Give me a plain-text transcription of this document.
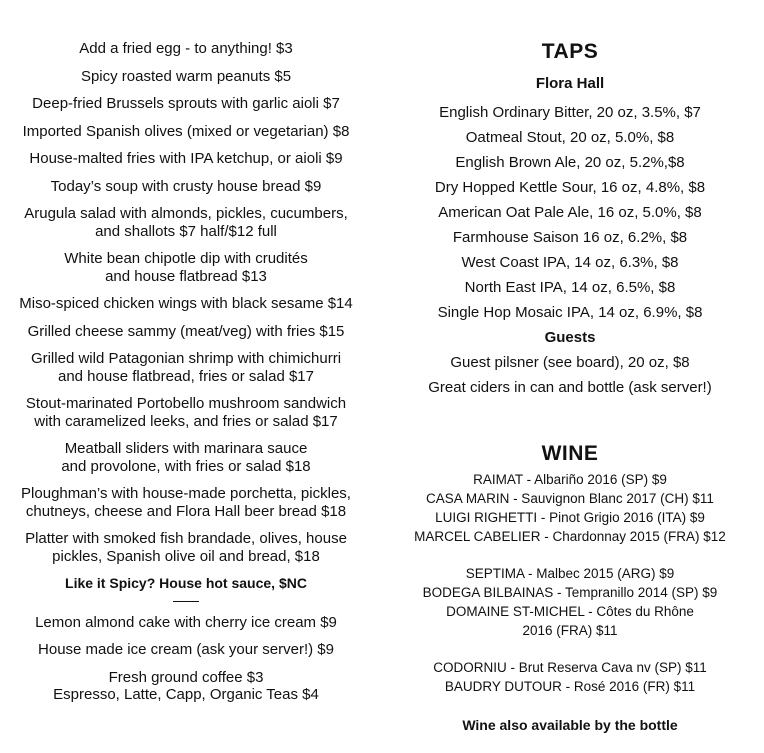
Add a fried egg - to anything! $3
Spicy roasted warm peanuts $5
Deep-fried Brussels sprouts with garlic aioli $7
Imported Spanish olives (mixed or vegetarian) $8
House-malted fries with IPA ketchup, or aioli $9
Today’s soup with crusty house bread $9
Arugula salad with almonds, pickles, cucumbers,
and shallots $7 half/$12 full
White bean chipotle dip with crudités
and house flatbread $13
Miso-spiced chicken wings with black sesame $14
Grilled cheese sammy (meat/veg) with fries $15
Grilled wild Patagonian shrimp with chimichurri
and house flatbread, fries or salad $17
Stout-marinated Portobello mushroom sandwich
with caramelized leeks, and fries or salad $17
Meatball sliders with marinara sauce
and provolone, with fries or salad $18
Ploughman’s with house-made porchetta, pickles,
chutneys, cheese and Flora Hall beer bread $18
Platter with smoked fish brandade, olives, house
pickles, Spanish olive oil and bread, $18
Like it Spicy? House hot sauce, $NC
Lemon almond cake with cherry ice cream $9
House made ice cream (ask your server!) $9
Fresh ground coffee $3
Espresso, Latte, Capp, Organic Teas $4
TAPS
Flora Hall
English Ordinary Bitter, 20 oz, 3.5%, $7
Oatmeal Stout, 20 oz, 5.0%, $8
English Brown Ale, 20 oz, 5.2%,$8
Dry Hopped Kettle Sour, 16 oz, 4.8%, $8
American Oat Pale Ale, 16 oz, 5.0%, $8
Farmhouse Saison 16 oz, 6.2%, $8
West Coast IPA, 14 oz, 6.3%, $8
North East IPA, 14 oz, 6.5%, $8
Single Hop Mosaic IPA, 14 oz, 6.9%, $8
Guests
Guest pilsner (see board), 20 oz, $8
Great ciders in can and bottle (ask server!)
WINE
RAIMAT - Albariño 2016 (SP) $9
CASA MARIN - Sauvignon Blanc 2017 (CH) $11
LUIGI RIGHETTI - Pinot Grigio 2016 (ITA) $9
MARCEL CABELIER - Chardonnay 2015 (FRA) $12
SEPTIMA - Malbec 2015 (ARG) $9
BODEGA BILBAINAS - Tempranillo 2014 (SP) $9
DOMAINE ST-MICHEL - Côtes du Rhône
2016 (FRA) $11
CODORNIU - Brut Reserva Cava nv (SP) $11
BAUDRY DUTOUR - Rosé 2016 (FR) $11
Wine also available by the bottle
